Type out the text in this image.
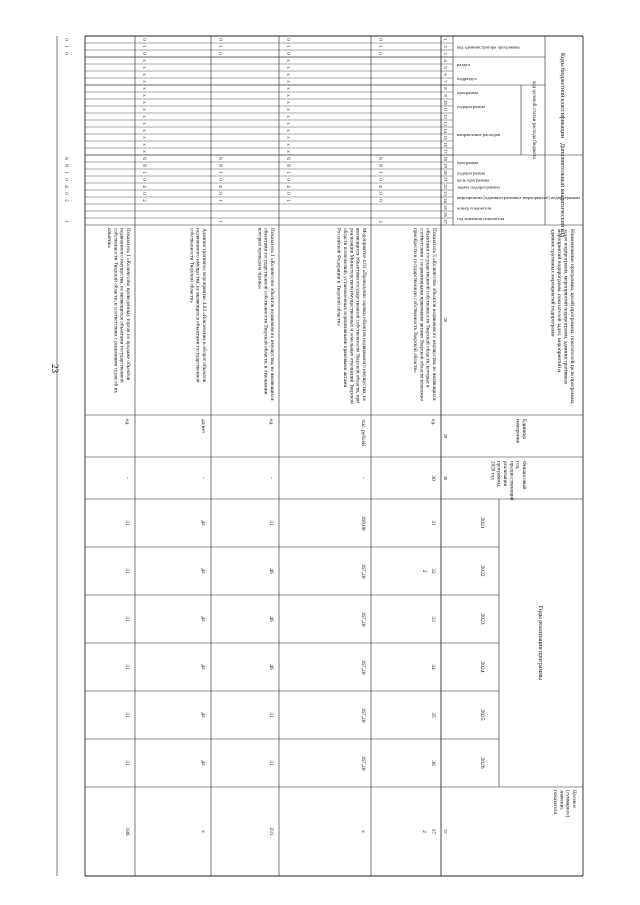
23
Коды бюджетной классификации
Дополнительный аналитический код
код целевой статьи расхода бюджета
код администратора программы
раздел
подраздел
программа
подпрограмма
направление расходов
программа
подпрограмма
цель программы
задача подпрограммы
мероприятие (административное мероприятие) подпрограммы
номер показателя
год значения показателя
Наименование программы, целей программы, показателей цели программы,задач подпрограмм, мероприятий подпрограмм, административныхмероприятий подпрограмм, показателей задач, мероприятий иадминистративных мероприятий подпрограмм
Единицаизмерения
Финансовыйгод,предшествующийреализациипрограммы,2020 год
Годы реализации программы
2021
2022
2023
2024
2025
2026
Целевое(суммарное)значениепоказателя
1
2
3
4
5
6
7
8
9
10
11
12
13
14
15
16
17
18
19
20
21
22
23
24
25
26
27
28
29
30
37
0
1
0
6
8
1
0
4
0
0
3
Показатель 3 «Количество объектов недвижимого имущества, не являющихсяобъектами государственной собственности Тверской области, которые всоответствии с нормативными правовыми актами Тверской области возможноприобрести в государственную собственность Тверской области»
ед.
30
31
32
33
34
35
36
2
37
2
0
1
0
x
x
x
x
x
x
x
x
x
x
x
x
x
x
6
8
1
0
4
0
1
Мероприятие 4.01 «Проведение оценки объектов недвижимого имущества, неявляющихся объектами государственной собственности Тверской области, приреализации Министерством имущественных и земельных отношений Тверскойобласти полномочий, установленных нормативными правовыми актамиРоссийской Федерации и Тверской области»
тыс. рублей
-
169,00
167,20
167,20
167,20
167,20
167,20
x
0
1
0
6
8
1
0
4
0
1
1
Показатель 1 «Количество объектов недвижимого имущества, не являющихсяобъектами государственной собственности Тверской области, в отношениикоторых проведена оценка»
ед.
-
31
46
46
46
31
31
231
0
1
0
x
x
x
x
x
x
x
x
x
x
x
x
x
x
6
8
1
0
4
0
2
Административное мероприятие 4.02 «Вовлечение в оборот объектовнедвижимого имущества, не являющихся объектами государственнойсобственности Тверской области»
да/нет
-
да
да
да
да
да
да
x
0
1
0
6
8
1
0
4
0
2
1
Показатель 1 «Количество проведенных торгов по продаже объектовнедвижимого имущества, не являющихся объектами государственнойсобственности Тверской области, в соответствии с решениями судов об ихизъятии»
ед.
-
31
31
31
31
31
31
186
